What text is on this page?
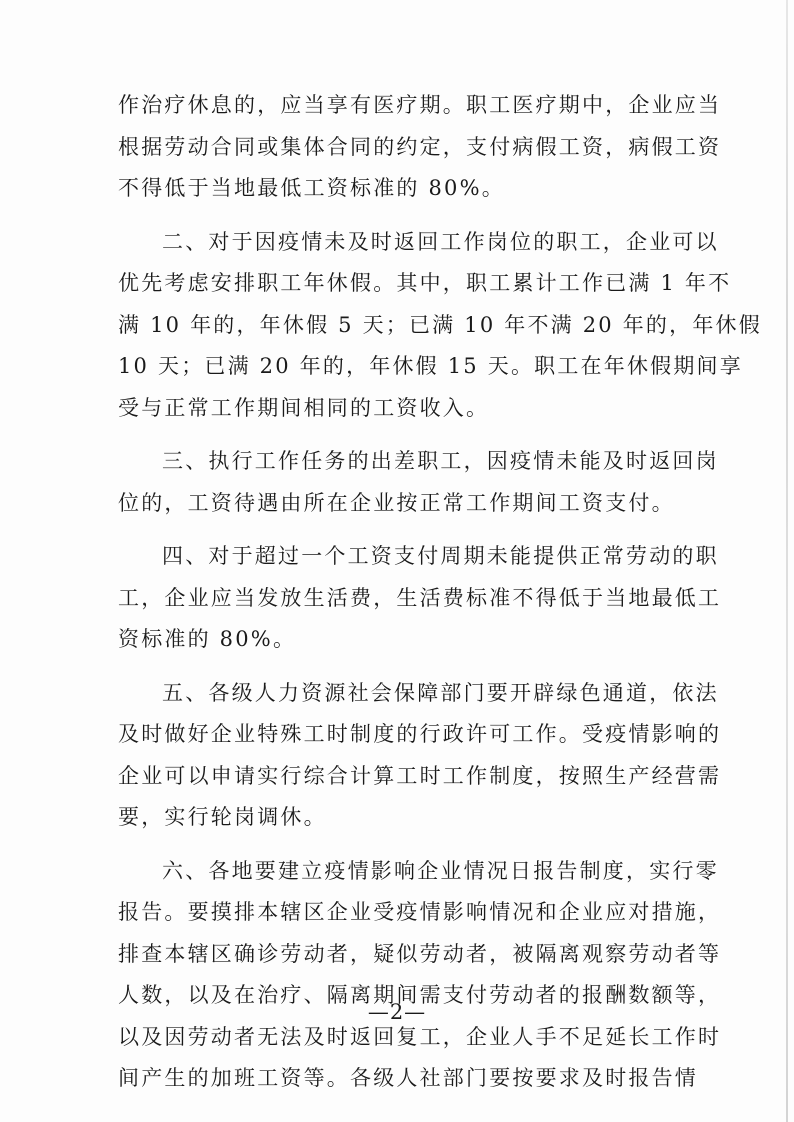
作治疗休息的，应当享有医疗期。职工医疗期中，企业应当
根据劳动合同或集体合同的约定，支付病假工资，病假工资
不得低于当地最低工资标准的 80%。
二、对于因疫情未及时返回工作岗位的职工，企业可以
优先考虑安排职工年休假。其中，职工累计工作已满 1 年不
满 10 年的，年休假 5 天；已满 10 年不满 20 年的，年休假
10 天；已满 20 年的，年休假 15 天。职工在年休假期间享
受与正常工作期间相同的工资收入。
三、执行工作任务的出差职工，因疫情未能及时返回岗
位的，工资待遇由所在企业按正常工作期间工资支付。
四、对于超过一个工资支付周期未能提供正常劳动的职
工，企业应当发放生活费，生活费标准不得低于当地最低工
资标准的 80%。
五、各级人力资源社会保障部门要开辟绿色通道，依法
及时做好企业特殊工时制度的行政许可工作。受疫情影响的
企业可以申请实行综合计算工时工作制度，按照生产经营需
要，实行轮岗调休。
六、各地要建立疫情影响企业情况日报告制度，实行零
报告。要摸排本辖区企业受疫情影响情况和企业应对措施，
排查本辖区确诊劳动者，疑似劳动者，被隔离观察劳动者等
人数，以及在治疗、隔离期间需支付劳动者的报酬数额等，
以及因劳动者无法及时返回复工，企业人手不足延长工作时
间产生的加班工资等。各级人社部门要按要求及时报告情
—2—
